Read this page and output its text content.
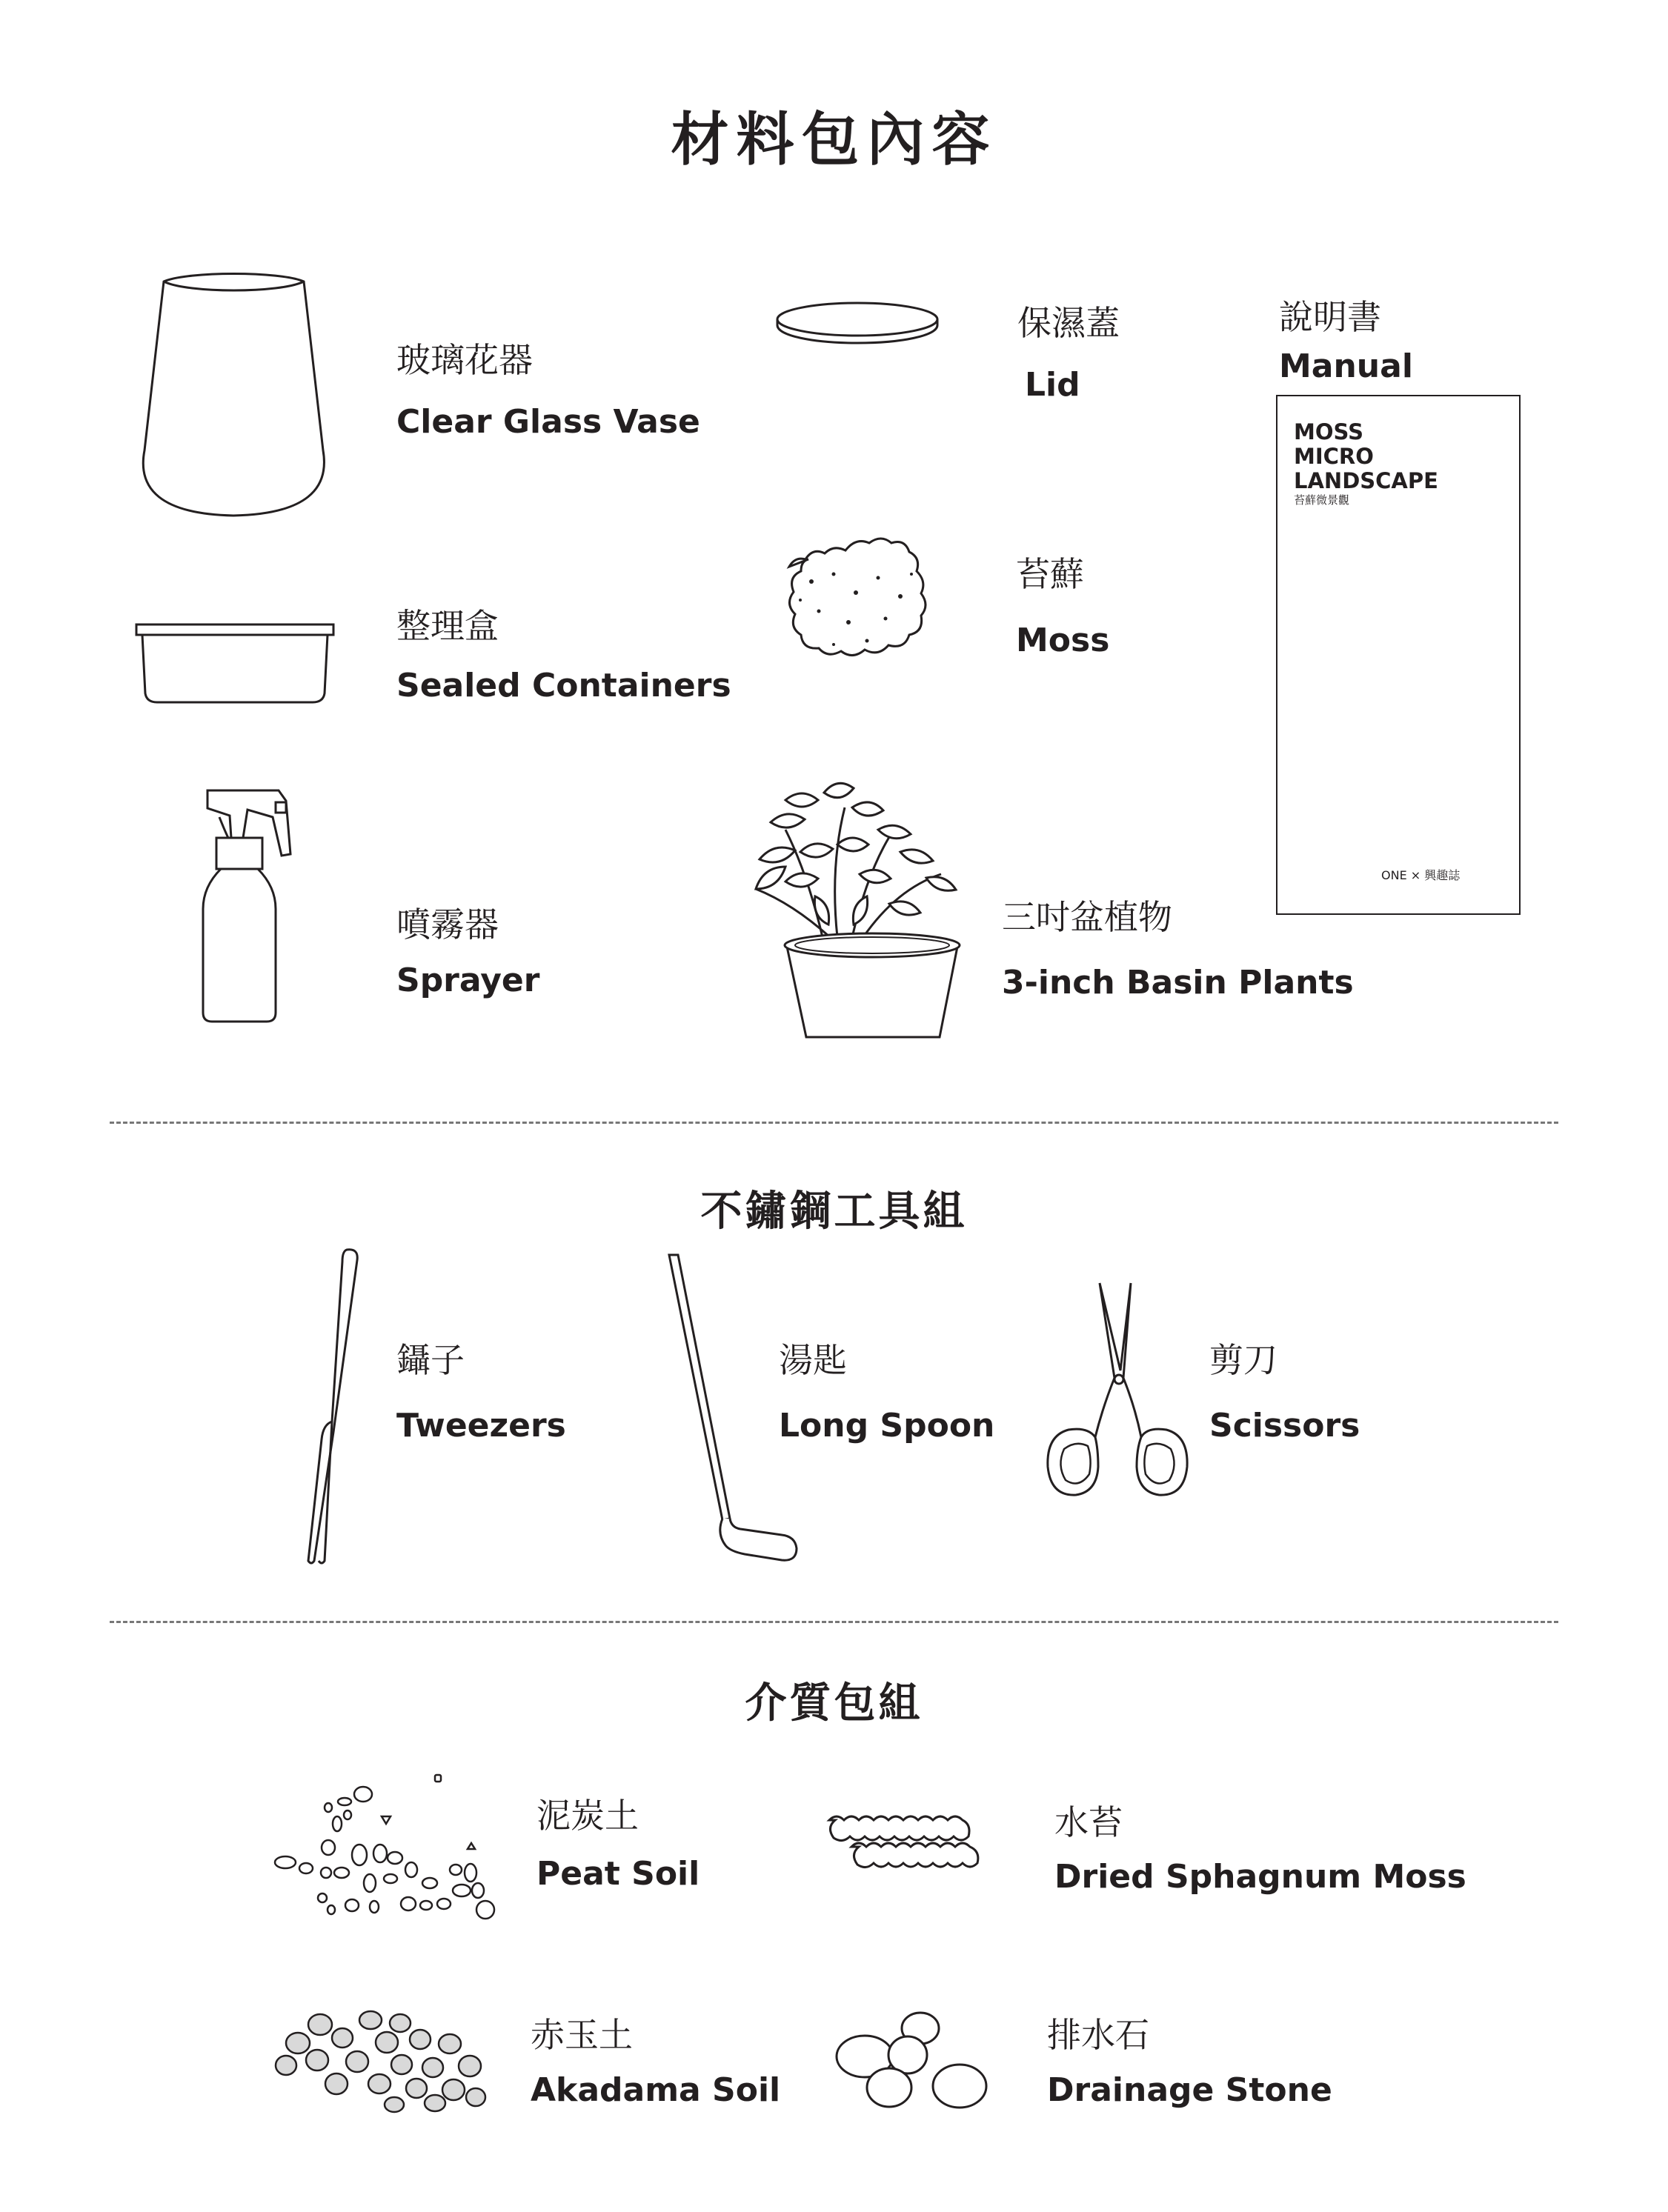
材料包內容
玻璃花器
Clear Glass Vase
保濕蓋
Lid
說明書
Manual
整理盒
Sealed Containers
苔蘚
Moss
噴霧器
Sprayer
三吋盆植物
3-inch Basin Plants
MOSS
MICRO
LANDSCAPE
苔蘚微景觀
ONE × 興趣誌
不鏽鋼工具組
鑷子
Tweezers
湯匙
Long Spoon
剪刀
Scissors
介質包組
泥炭土
Peat Soil
水苔
Dried Sphagnum Moss
赤玉土
Akadama Soil
排水石
Drainage Stone
